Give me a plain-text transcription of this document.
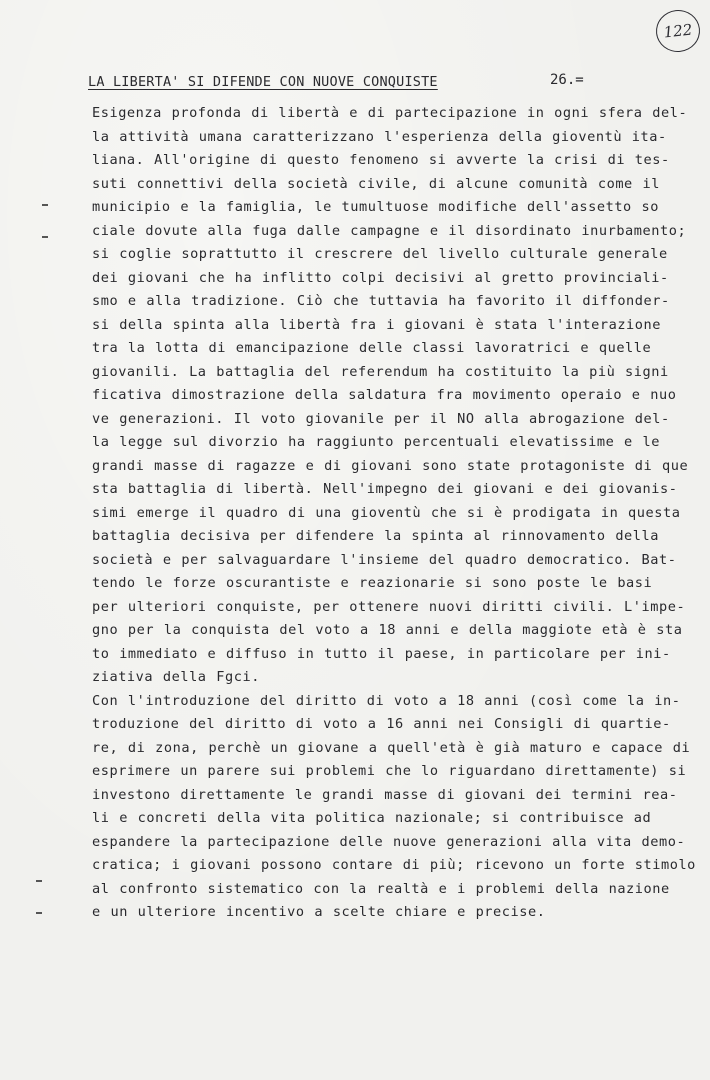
122
LA LIBERTA' SI DIFENDE CON NUOVE CONQUISTE	26.=
Esigenza profonda di libertà e di partecipazione in ogni sfera del-
la attività umana caratterizzano l'esperienza della gioventù ita-
liana. All'origine di questo fenomeno si avverte la crisi di tes-
suti connettivi della società civile, di alcune comunità come il
municipio e la famiglia, le tumultuose modifiche dell'assetto so
ciale dovute alla fuga dalle campagne e il disordinato inurbamento;
si coglie soprattutto il crescrere del livello culturale generale
dei giovani che ha inflitto colpi decisivi al gretto provinciali-
smo e alla tradizione. Ciò che tuttavia ha favorito il diffonder-
si della spinta alla libertà fra i giovani è stata l'interazione
tra la lotta di emancipazione delle classi lavoratrici e quelle
giovanili. La battaglia del referendum ha costituito la più signi
ficativa dimostrazione della saldatura fra movimento operaio e nuo
ve generazioni. Il voto giovanile per il NO alla abrogazione del-
la legge sul divorzio ha raggiunto percentuali elevatissime e le
grandi masse di ragazze e di giovani sono state protagoniste di que
sta battaglia di libertà. Nell'impegno dei giovani e dei giovanis-
simi emerge il quadro di una gioventù che si è prodigata in questa
battaglia decisiva per difendere la spinta al rinnovamento della
società e per salvaguardare l'insieme del quadro democratico. Bat-
tendo le forze oscurantiste e reazionarie si sono poste le basi
per ulteriori conquiste, per ottenere nuovi diritti civili. L'impe-
gno per la conquista del voto a 18 anni e della maggiote età è sta
to immediato e diffuso in tutto il paese, in particolare per ini-
ziativa della Fgci.
Con l'introduzione del diritto di voto a 18 anni (così come la in-
troduzione del diritto di voto a 16 anni nei Consigli di quartie-
re, di zona, perchè un giovane a quell'età è già maturo e capace di
esprimere un parere sui problemi che lo riguardano direttamente) si
investono direttamente le grandi masse di giovani dei termini rea-
li e concreti della vita politica nazionale; si contribuisce ad
espandere la partecipazione delle nuove generazioni alla vita demo-
cratica; i giovani possono contare di più; ricevono un forte stimolo
al confronto sistematico con la realtà e i problemi della nazione
e un ulteriore incentivo a scelte chiare e precise.
